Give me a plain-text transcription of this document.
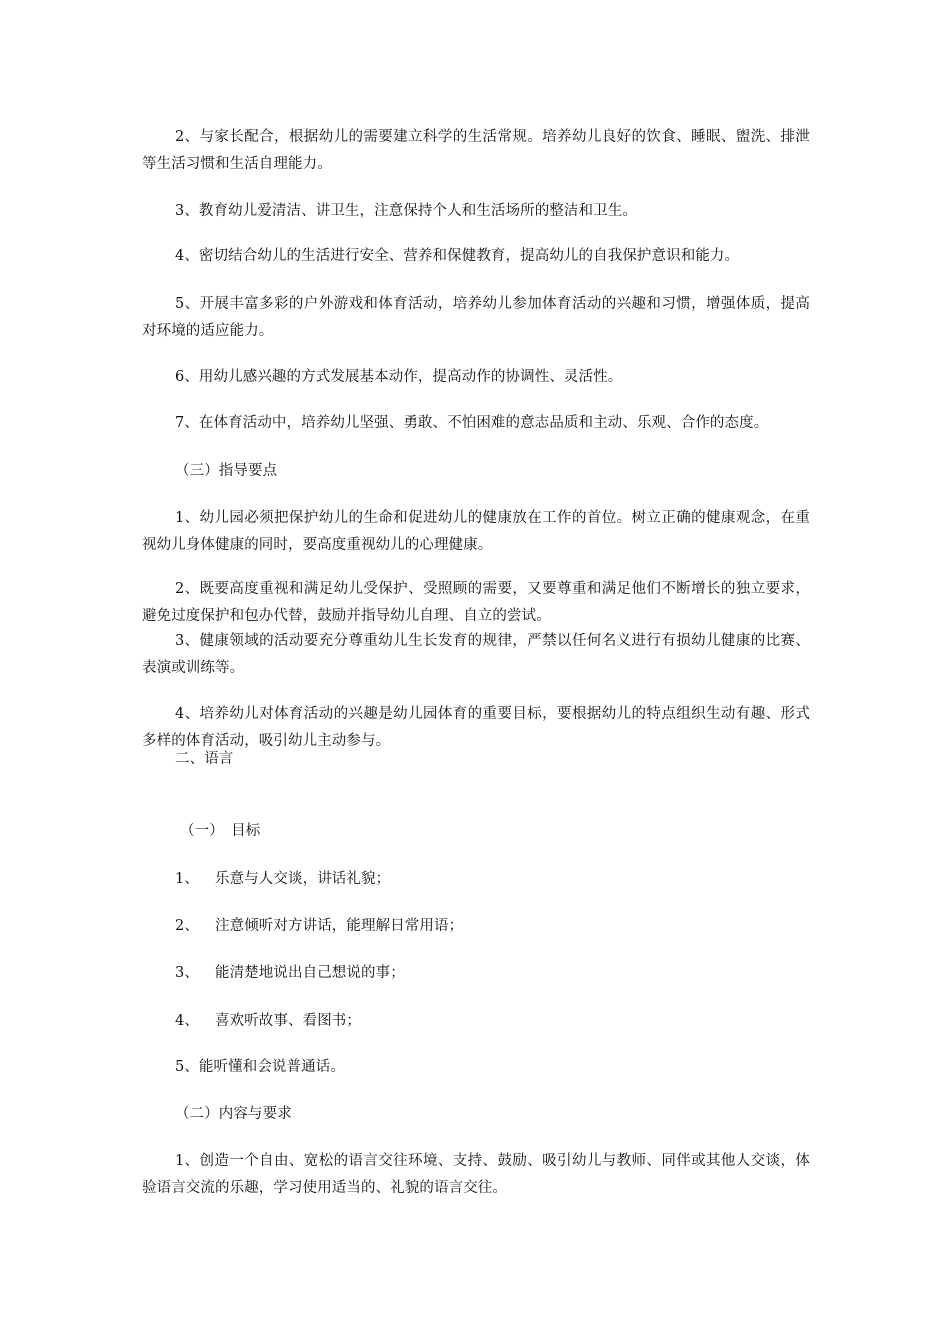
2、与家长配合，根据幼儿的需要建立科学的生活常规。培养幼儿良好的饮食、睡眠、盥洗、排泄等生活习惯和生活自理能力。

3、教育幼儿爱清洁、讲卫生，注意保持个人和生活场所的整洁和卫生。

4、密切结合幼儿的生活进行安全、营养和保健教育，提高幼儿的自我保护意识和能力。

5、开展丰富多彩的户外游戏和体育活动，培养幼儿参加体育活动的兴趣和习惯，增强体质，提高对环境的适应能力。

6、用幼儿感兴趣的方式发展基本动作，提高动作的协调性、灵活性。

7、在体育活动中，培养幼儿坚强、勇敢、不怕困难的意志品质和主动、乐观、合作的态度。

（三）指导要点

1、幼儿园必须把保护幼儿的生命和促进幼儿的健康放在工作的首位。树立正确的健康观念，在重视幼儿身体健康的同时，要高度重视幼儿的心理健康。

2、既要高度重视和满足幼儿受保护、受照顾的需要，又要尊重和满足他们不断增长的独立要求，避免过度保护和包办代替，鼓励并指导幼儿自理、自立的尝试。

3、健康领域的活动要充分尊重幼儿生长发育的规律，严禁以任何名义进行有损幼儿健康的比赛、表演或训练等。

4、培养幼儿对体育活动的兴趣是幼儿园体育的重要目标，要根据幼儿的特点组织生动有趣、形式多样的体育活动，吸引幼儿主动参与。

二、语言

（一）　目标

1、 乐意与人交谈，讲话礼貌；

2、 注意倾听对方讲话，能理解日常用语；

3、 能清楚地说出自己想说的事；

4、 喜欢听故事、看图书；

5、能听懂和会说普通话。

（二）内容与要求

1、创造一个自由、宽松的语言交往环境、支持、鼓励、吸引幼儿与教师、同伴或其他人交谈，体验语言交流的乐趣，学习使用适当的、礼貌的语言交往。
